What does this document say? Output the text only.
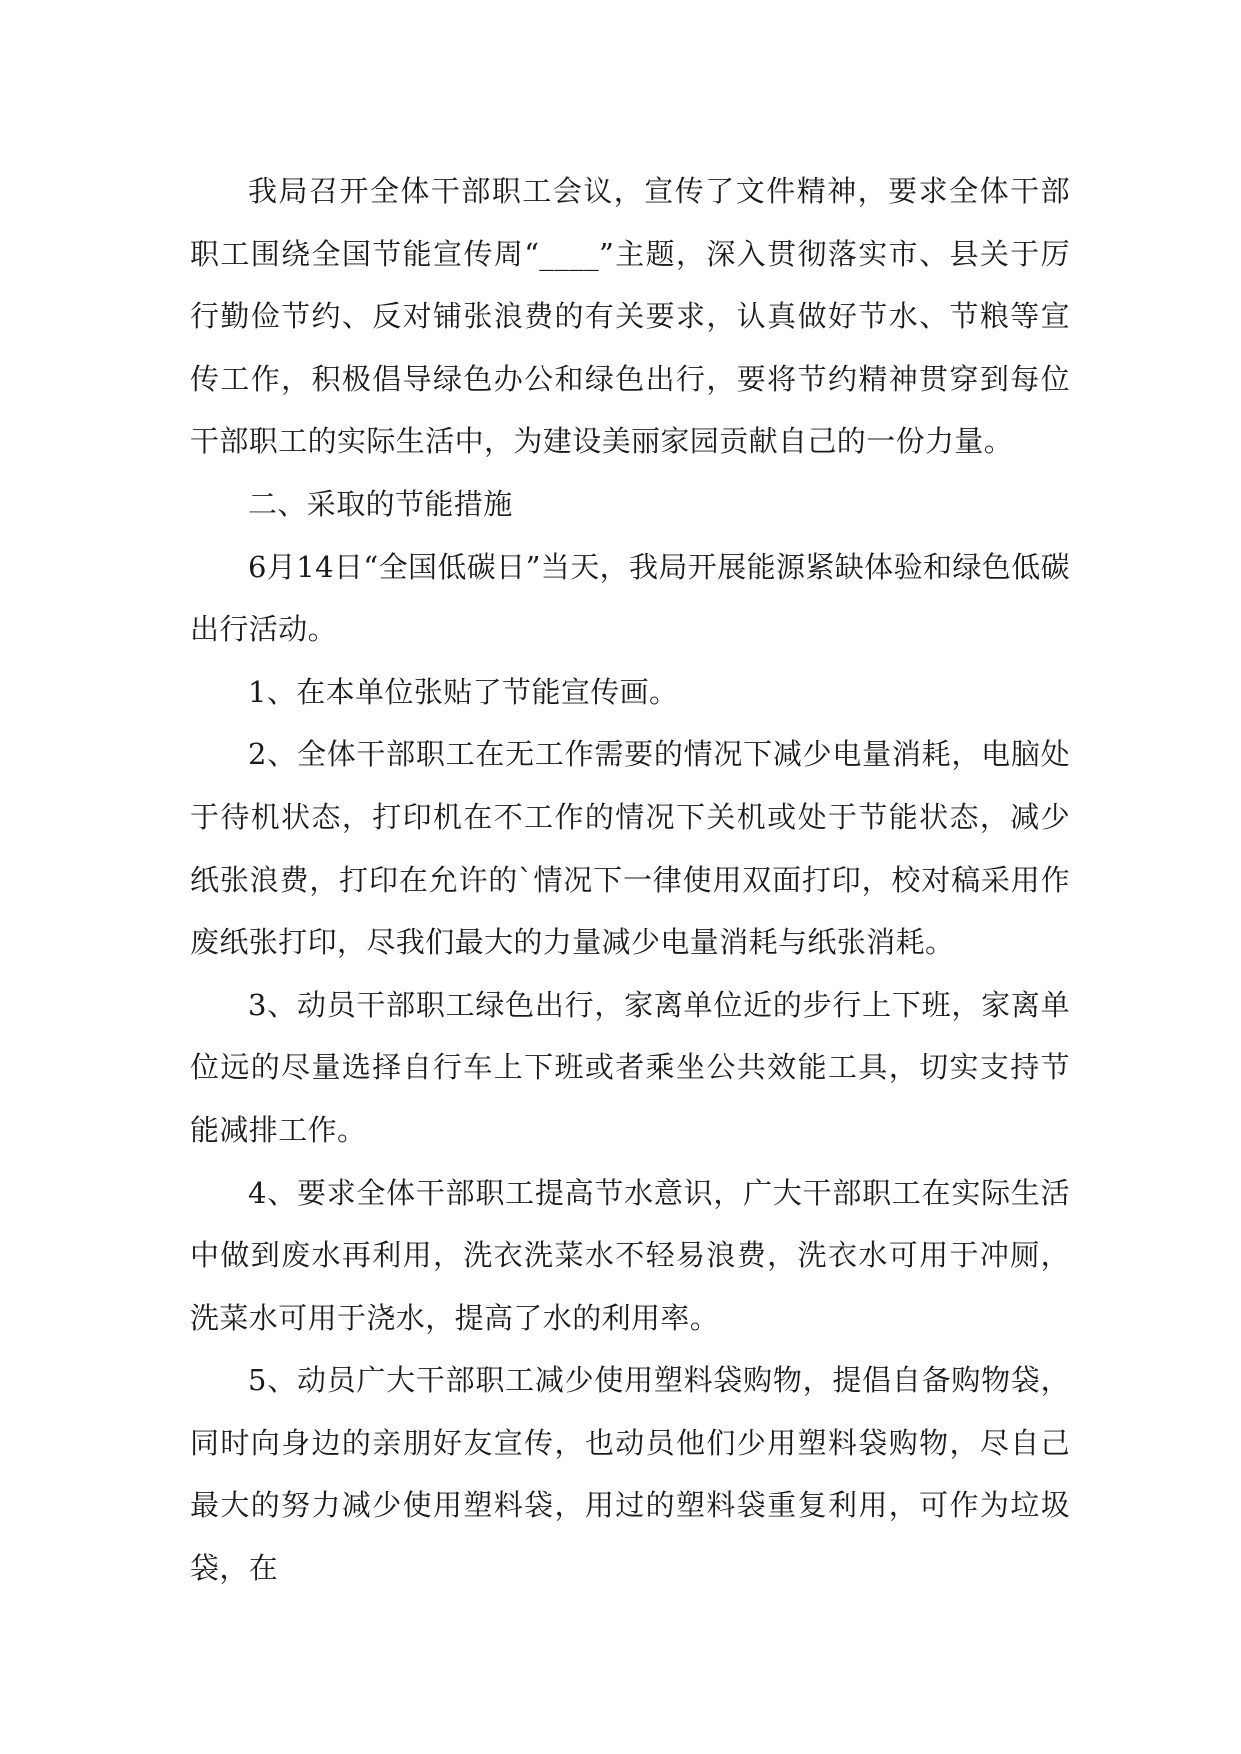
我局召开全体干部职工会议，宣传了文件精神，要求全体干部职工围绕全国节能宣传周“____”主题，深入贯彻落实市、县关于厉行勤俭节约、反对铺张浪费的有关要求，认真做好节水、节粮等宣传工作，积极倡导绿色办公和绿色出行，要将节约精神贯穿到每位干部职工的实际生活中，为建设美丽家园贡献自己的一份力量。

二、采取的节能措施

6月14日“全国低碳日”当天，我局开展能源紧缺体验和绿色低碳出行活动。

1、在本单位张贴了节能宣传画。

2、全体干部职工在无工作需要的情况下减少电量消耗，电脑处于待机状态，打印机在不工作的情况下关机或处于节能状态，减少纸张浪费，打印在允许的`情况下一律使用双面打印，校对稿采用作废纸张打印，尽我们最大的力量减少电量消耗与纸张消耗。

3、动员干部职工绿色出行，家离单位近的步行上下班，家离单位远的尽量选择自行车上下班或者乘坐公共效能工具，切实支持节能减排工作。

4、要求全体干部职工提高节水意识，广大干部职工在实际生活中做到废水再利用，洗衣洗菜水不轻易浪费，洗衣水可用于冲厕，洗菜水可用于浇水，提高了水的利用率。

5、动员广大干部职工减少使用塑料袋购物，提倡自备购物袋，同时向身边的亲朋好友宣传，也动员他们少用塑料袋购物，尽自己最大的努力减少使用塑料袋，用过的塑料袋重复利用，可作为垃圾袋，在
